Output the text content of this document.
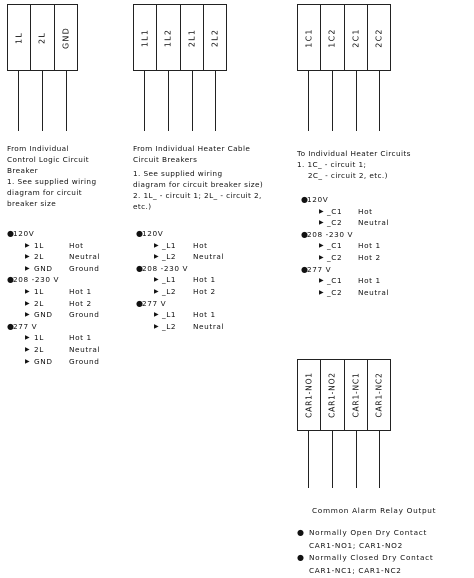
1L 2L GND
From Individual
Control Logic Circuit
Breaker
1. See supplied wiring
diagram for circuit
breaker size
●
120V
▶ 1L	Hot
▶ 2L	Neutral
▶ GND Ground
●
208 -230 V
▶ 1L	Hot 1
▶ 2L	Hot 2
▶ GND Ground
●
277 V
▶ 1L	Hot 1
▶ 2L	Neutral
▶ GND Ground
1L1 1L2 2L1 2L2
From Individual Heater Cable
Circuit Breakers
1. See supplied wiring
diagram for circuit breaker size)
2. 1L_ - circuit 1; 2L_ - circuit 2,
etc.)
●
120V
▶ _L1 Hot
▶ _L2 Neutral
●
208 -230 V
▶ _L1 Hot 1
▶ _L2 Hot 2
●
277 V
▶ _L1 Hot 1
▶ _L2 Neutral
1C1 1C2 2C1 2C2
To Individual Heater Circuits
1. 1C_ - circuit 1;
2C_ - circuit 2, etc.)
●
120V
▶ _C1 Hot
▶ _C2 Neutral
●
208 -230 V
▶ _C1 Hot 1
▶ _C2 Hot 2
●
277 V
▶ _C1 Hot 1
▶ _C2 Neutral
CAR1-NO1 CAR1-NO2 CAR1-NC1 CAR1-NC2
Common Alarm Relay Output
● Normally Open Dry Contact
CAR1-NO1; CAR1-NO2
● Normally Closed Dry Contact
CAR1-NC1; CAR1-NC2
